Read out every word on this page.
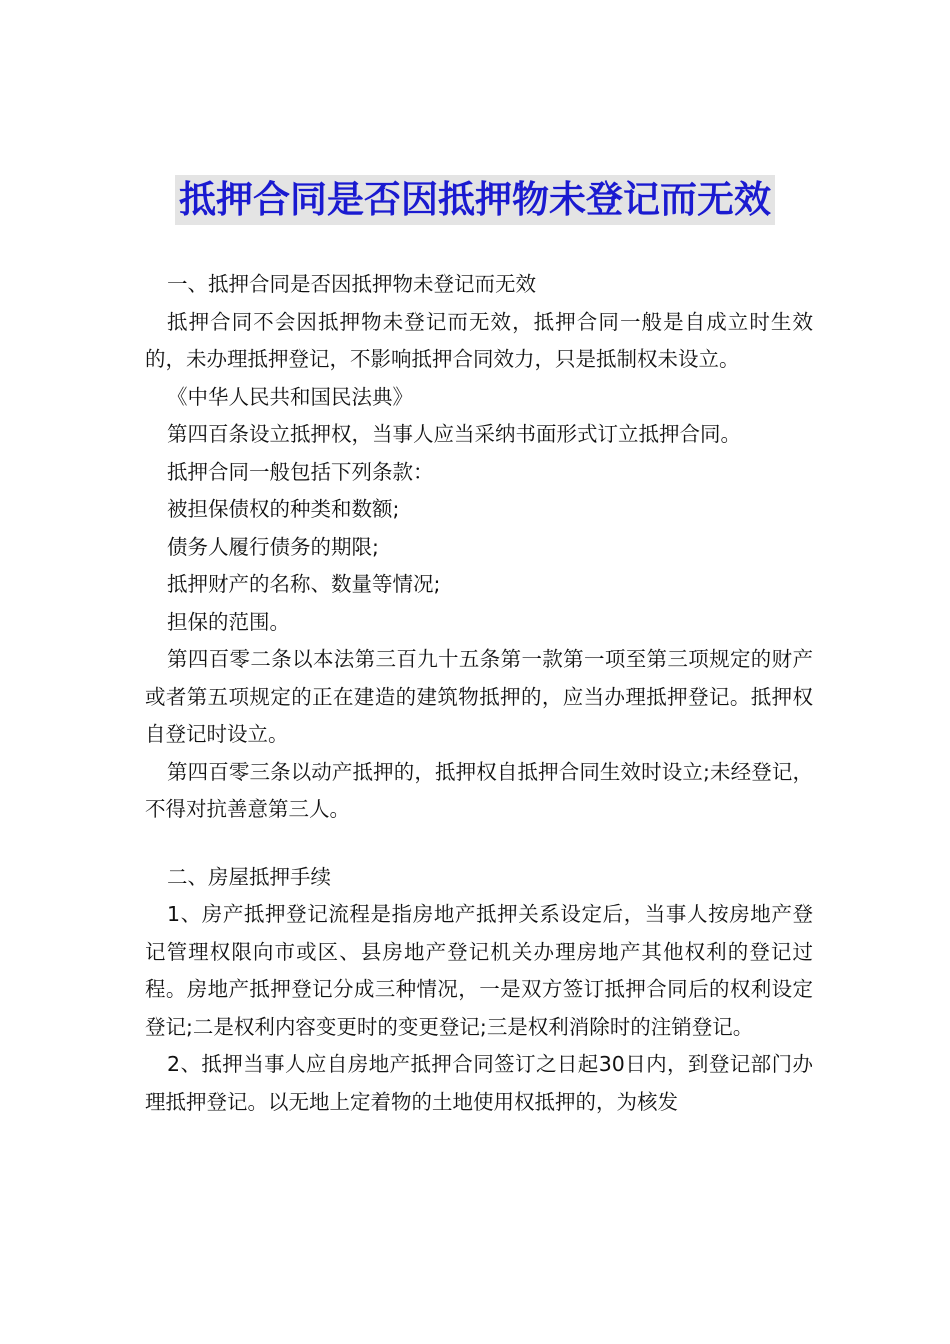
抵押合同是否因抵押物未登记而无效

一、抵押合同是否因抵押物未登记而无效

抵押合同不会因抵押物未登记而无效，抵押合同一般是自成立时生效的，未办理抵押登记，不影响抵押合同效力，只是抵制权未设立。

《中华人民共和国民法典》

第四百条设立抵押权，当事人应当采纳书面形式订立抵押合同。

抵押合同一般包括下列条款：

被担保债权的种类和数额;

债务人履行债务的期限;

抵押财产的名称、数量等情况;

担保的范围。

第四百零二条以本法第三百九十五条第一款第一项至第三项规定的财产或者第五项规定的正在建造的建筑物抵押的，应当办理抵押登记。抵押权自登记时设立。

第四百零三条以动产抵押的，抵押权自抵押合同生效时设立;未经登记，不得对抗善意第三人。

二、房屋抵押手续

1、房产抵押登记流程是指房地产抵押关系设定后，当事人按房地产登记管理权限向市或区、县房地产登记机关办理房地产其他权利的登记过程。房地产抵押登记分成三种情况，一是双方签订抵押合同后的权利设定登记;二是权利内容变更时的变更登记;三是权利消除时的注销登记。

2、抵押当事人应自房地产抵押合同签订之日起30日内，到登记部门办理抵押登记。以无地上定着物的土地使用权抵押的，为核发
